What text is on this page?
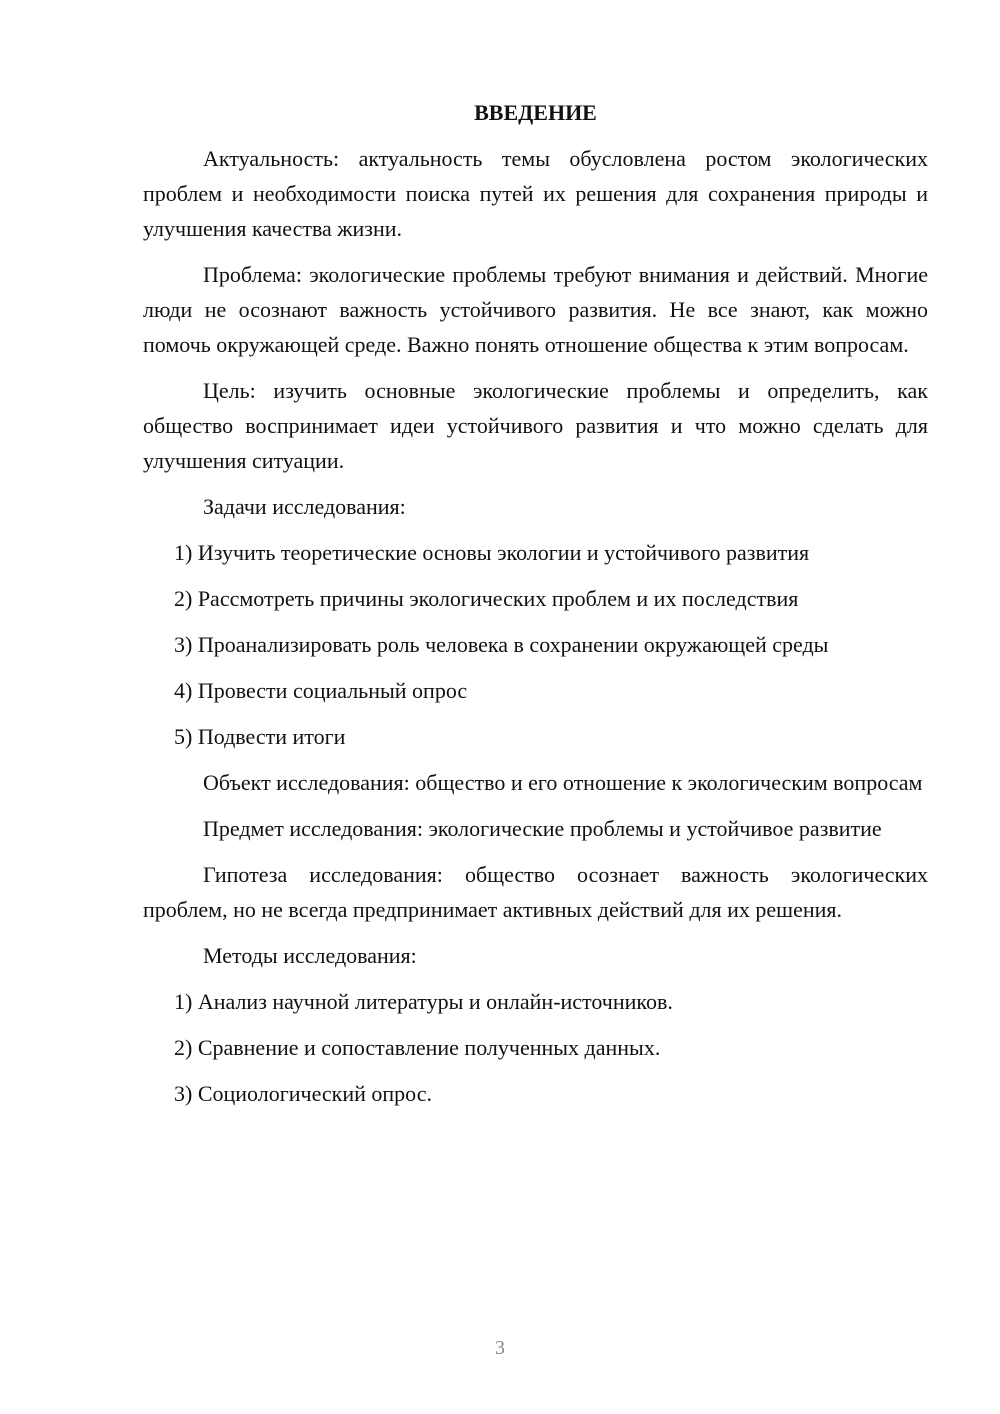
ВВЕДЕНИЕ

Актуальность: актуальность темы обусловлена ростом экологических проблем и необходимости поиска путей их решения для сохранения природы и улучшения качества жизни.

Проблема: экологические проблемы требуют внимания и действий. Многие люди не осознают важность устойчивого развития. Не все знают, как можно помочь окружающей среде. Важно понять отношение общества к этим вопросам.

Цель: изучить основные экологические проблемы и определить, как общество воспринимает идеи устойчивого развития и что можно сделать для улучшения ситуации.

Задачи исследования:

1) Изучить теоретические основы экологии и устойчивого развития

2) Рассмотреть причины экологических проблем и их последствия

3) Проанализировать роль человека в сохранении окружающей среды

4) Провести социальный опрос

5) Подвести итоги

Объект исследования: общество и его отношение к экологическим вопросам

Предмет исследования: экологические проблемы и устойчивое развитие

Гипотеза исследования: общество осознает важность экологических проблем, но не всегда предпринимает активных действий для их решения.

Методы исследования:

1) Анализ научной литературы и онлайн-источников.

2) Сравнение и сопоставление полученных данных.

3) Социологический опрос.

3
